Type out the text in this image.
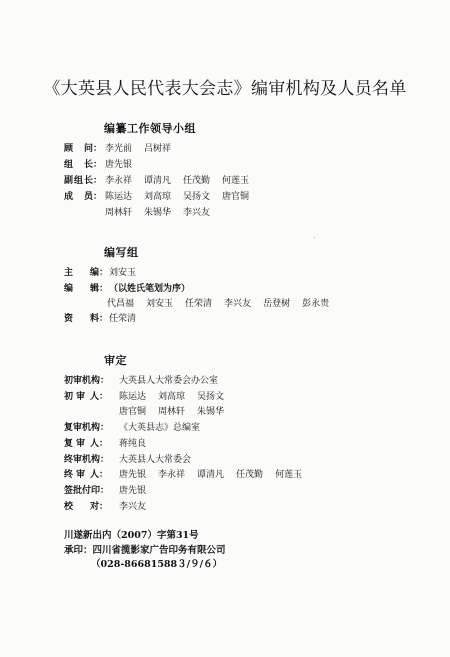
《大英县人民代表大会志》编审机构及人员名单
编纂工作领导小组
顾 问： 李光前 吕树祥
组 长： 唐先银
副 组 长： 李永祥 谭清凡 任茂勤 何莲玉
成 员： 陈运达 刘高琼 吴扬文 唐官铜
周林轩 朱锡华 李兴友
编写组
主 编： 刘安玉
编 辑： （以姓氏笔划为序）
代昌福 刘安玉 任荣清 李兴友 岳登树 彭永贵
资 料： 任荣清
审定
初审机构： 大英县人大常委会办公室
初 审 人： 陈运达 刘高琼 吴扬文
唐官铜 周林轩 朱锡华
复审机构： 《大英县志》总编室
复 审 人： 蒋纯良
终审机构： 大英县人大常委会
终 审 人： 唐先银 李永祥 谭清凡 任茂勤 何莲玉
签批付印： 唐先银
校 对： 李兴友
川遂新出内（2007）字第31号
承印：四川省揽影家广告印务有限公司
（028-86681588３/９/６）
